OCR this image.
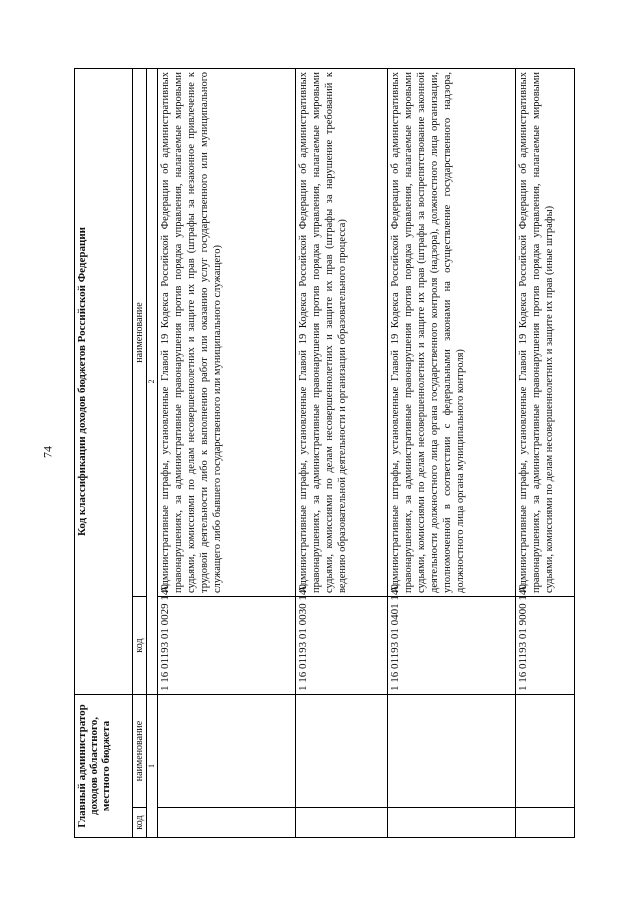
74
Главный администратор доходов областного, местного бюджета		Код классификации доходов бюджетов Российской Федерации	
код	наименование	код	наименование
1		2	
		1 16 01193 01 0029 140	Административные штрафы, установленные Главой 19 Кодекса Российской Федерации об административных правонарушениях, за административные правонарушения против порядка управления, налагаемые мировыми судьями, комиссиями по делам несовершеннолетних и защите их прав (штрафы за незаконное привлечение к трудовой деятельности либо к выполнению работ или оказанию услуг государственного или муниципального служащего либо бывшего государственного или муниципального служащего)
		1 16 01193 01 0030 140	Административные штрафы, установленные Главой 19 Кодекса Российской Федерации об административных правонарушениях, за административные правонарушения против порядка управления, налагаемые мировыми судьями, комиссиями по делам несовершеннолетних и защите их прав (штрафы за нарушение требований к ведению образовательной деятельности и организации образовательного процесса)
		1 16 01193 01 0401 140	Административные штрафы, установленные Главой 19 Кодекса Российской Федерации об административных правонарушениях, за административные правонарушения против порядка управления, налагаемые мировыми судьями, комиссиями по делам несовершеннолетних и защите их прав (штрафы за воспрепятствование законной деятельности должностного лица органа государственного контроля (надзора), должностного лица организации, уполномоченной в соответствии с федеральными законами на осуществление государственного надзора, должностного лица органа муниципального контроля)
		1 16 01193 01 9000 140	Административные штрафы, установленные Главой 19 Кодекса Российской Федерации об административных правонарушениях, за административные правонарушения против порядка управления, налагаемые мировыми судьями, комиссиями по делам несовершеннолетних и защите их прав (иные штрафы)
